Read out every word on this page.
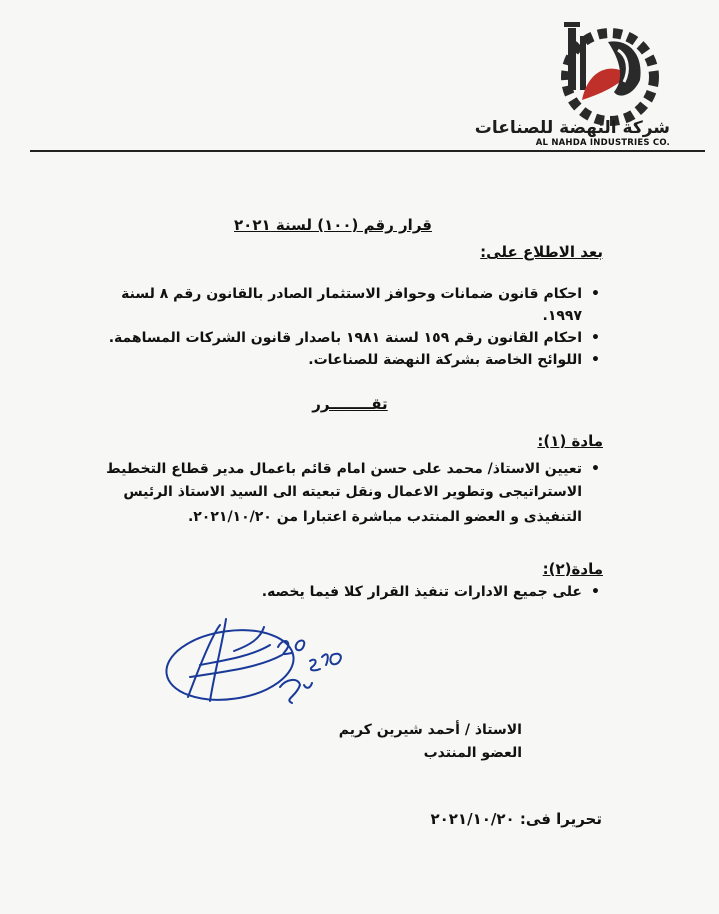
شركة النهضة للصناعات
AL NAHDA INDUSTRIES CO.
قرار رقم (١٠٠) لسنة ٢٠٢١
بعد الاطلاع على:
•
احكام قانون ضمانات وحوافز الاستثمار الصادر بالقانون رقم ٨ لسنة
١٩٩٧.
•
احكام القانون رقم ١٥٩ لسنة ١٩٨١ باصدار قانون الشركات المساهمة.
•
اللوائح الخاصة بشركة النهضة للصناعات.
تقــــــــرر
مادة (١):
•
تعيين الاستاذ/ محمد على حسن امام قائم باعمال مدير قطاع التخطيط
الاستراتيجى وتطوير الاعمال ونقل تبعيته الى السيد الاستاذ الرئيس
التنفيذى و العضو المنتدب مباشرة اعتبارا من ٢٠٢١/١٠/٢٠.
مادة(٢):
•
على جميع الادارات تنفيذ القرار كلا فيما يخصه.
الاستاذ / أحمد شيرين كريم
العضو المنتدب
تحريرا فى: ٢٠٢١/١٠/٢٠
